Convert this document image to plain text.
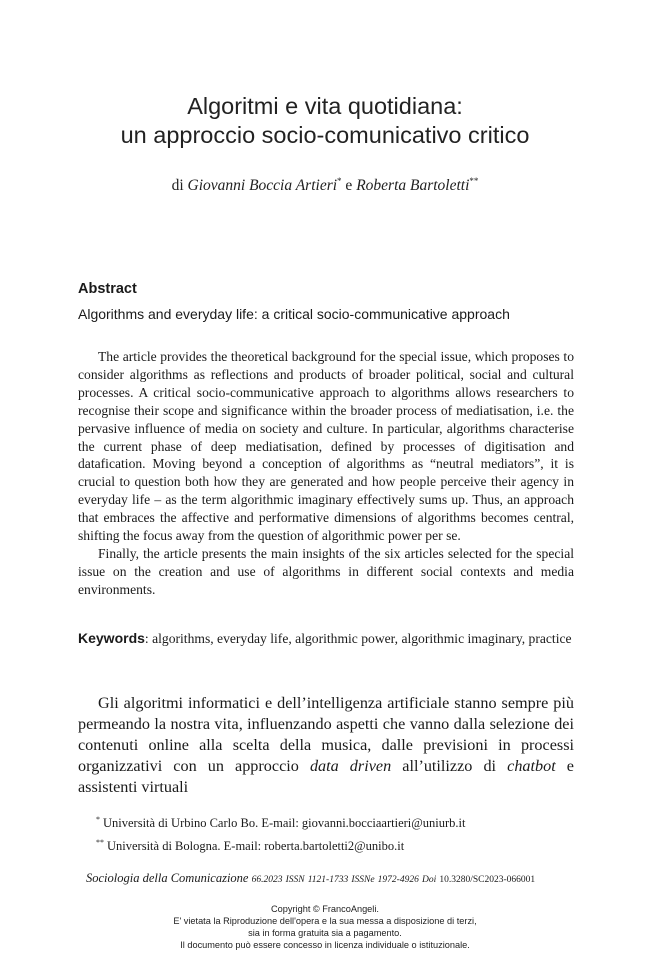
Algoritmi e vita quotidiana:
un approccio socio-comunicativo critico
di Giovanni Boccia Artieri* e Roberta Bartoletti**
Abstract
Algorithms and everyday life: a critical socio-communicative approach

The article provides the theoretical background for the special issue, which proposes to consider algorithms as reflections and products of broader political, social and cultural processes. A critical socio-communicative approach to algorithms allows researchers to recognise their scope and significance within the broader process of mediatisation, i.e. the pervasive influence of media on society and culture. In particular, algorithms characterise the current phase of deep mediatisation, defined by processes of digitisation and datafication. Moving beyond a conception of algorithms as “neutral mediators”, it is crucial to question both how they are generated and how people perceive their agency in everyday life – as the term algorithmic imaginary effectively sums up. Thus, an approach that embraces the affective and performative dimensions of algorithms becomes central, shifting the focus away from the question of algorithmic power per se.

Finally, the article presents the main insights of the six articles selected for the special issue on the creation and use of algorithms in different social contexts and media environments.

Keywords: algorithms, everyday life, algorithmic power, algorithmic imaginary, practice

Gli algoritmi informatici e dell’intelligenza artificiale stanno sempre più permeando la nostra vita, influenzando aspetti che vanno dalla selezione dei contenuti online alla scelta della musica, dalle previsioni in processi organizzativi con un approccio data driven all’utilizzo di chatbot e assistenti virtuali

* Università di Urbino Carlo Bo. E-mail: giovanni.bocciaartieri@uniurb.it
** Università di Bologna. E-mail: roberta.bartoletti2@unibo.it
Sociologia della Comunicazione 66.2023 ISSN 1121-1733 ISSNe 1972-4926 Doi 10.3280/SC2023-066001
Copyright © FrancoAngeli.
E' vietata la Riproduzione dell'opera e la sua messa a disposizione di terzi,
sia in forma gratuita sia a pagamento.
Il documento può essere concesso in licenza individuale o istituzionale.
